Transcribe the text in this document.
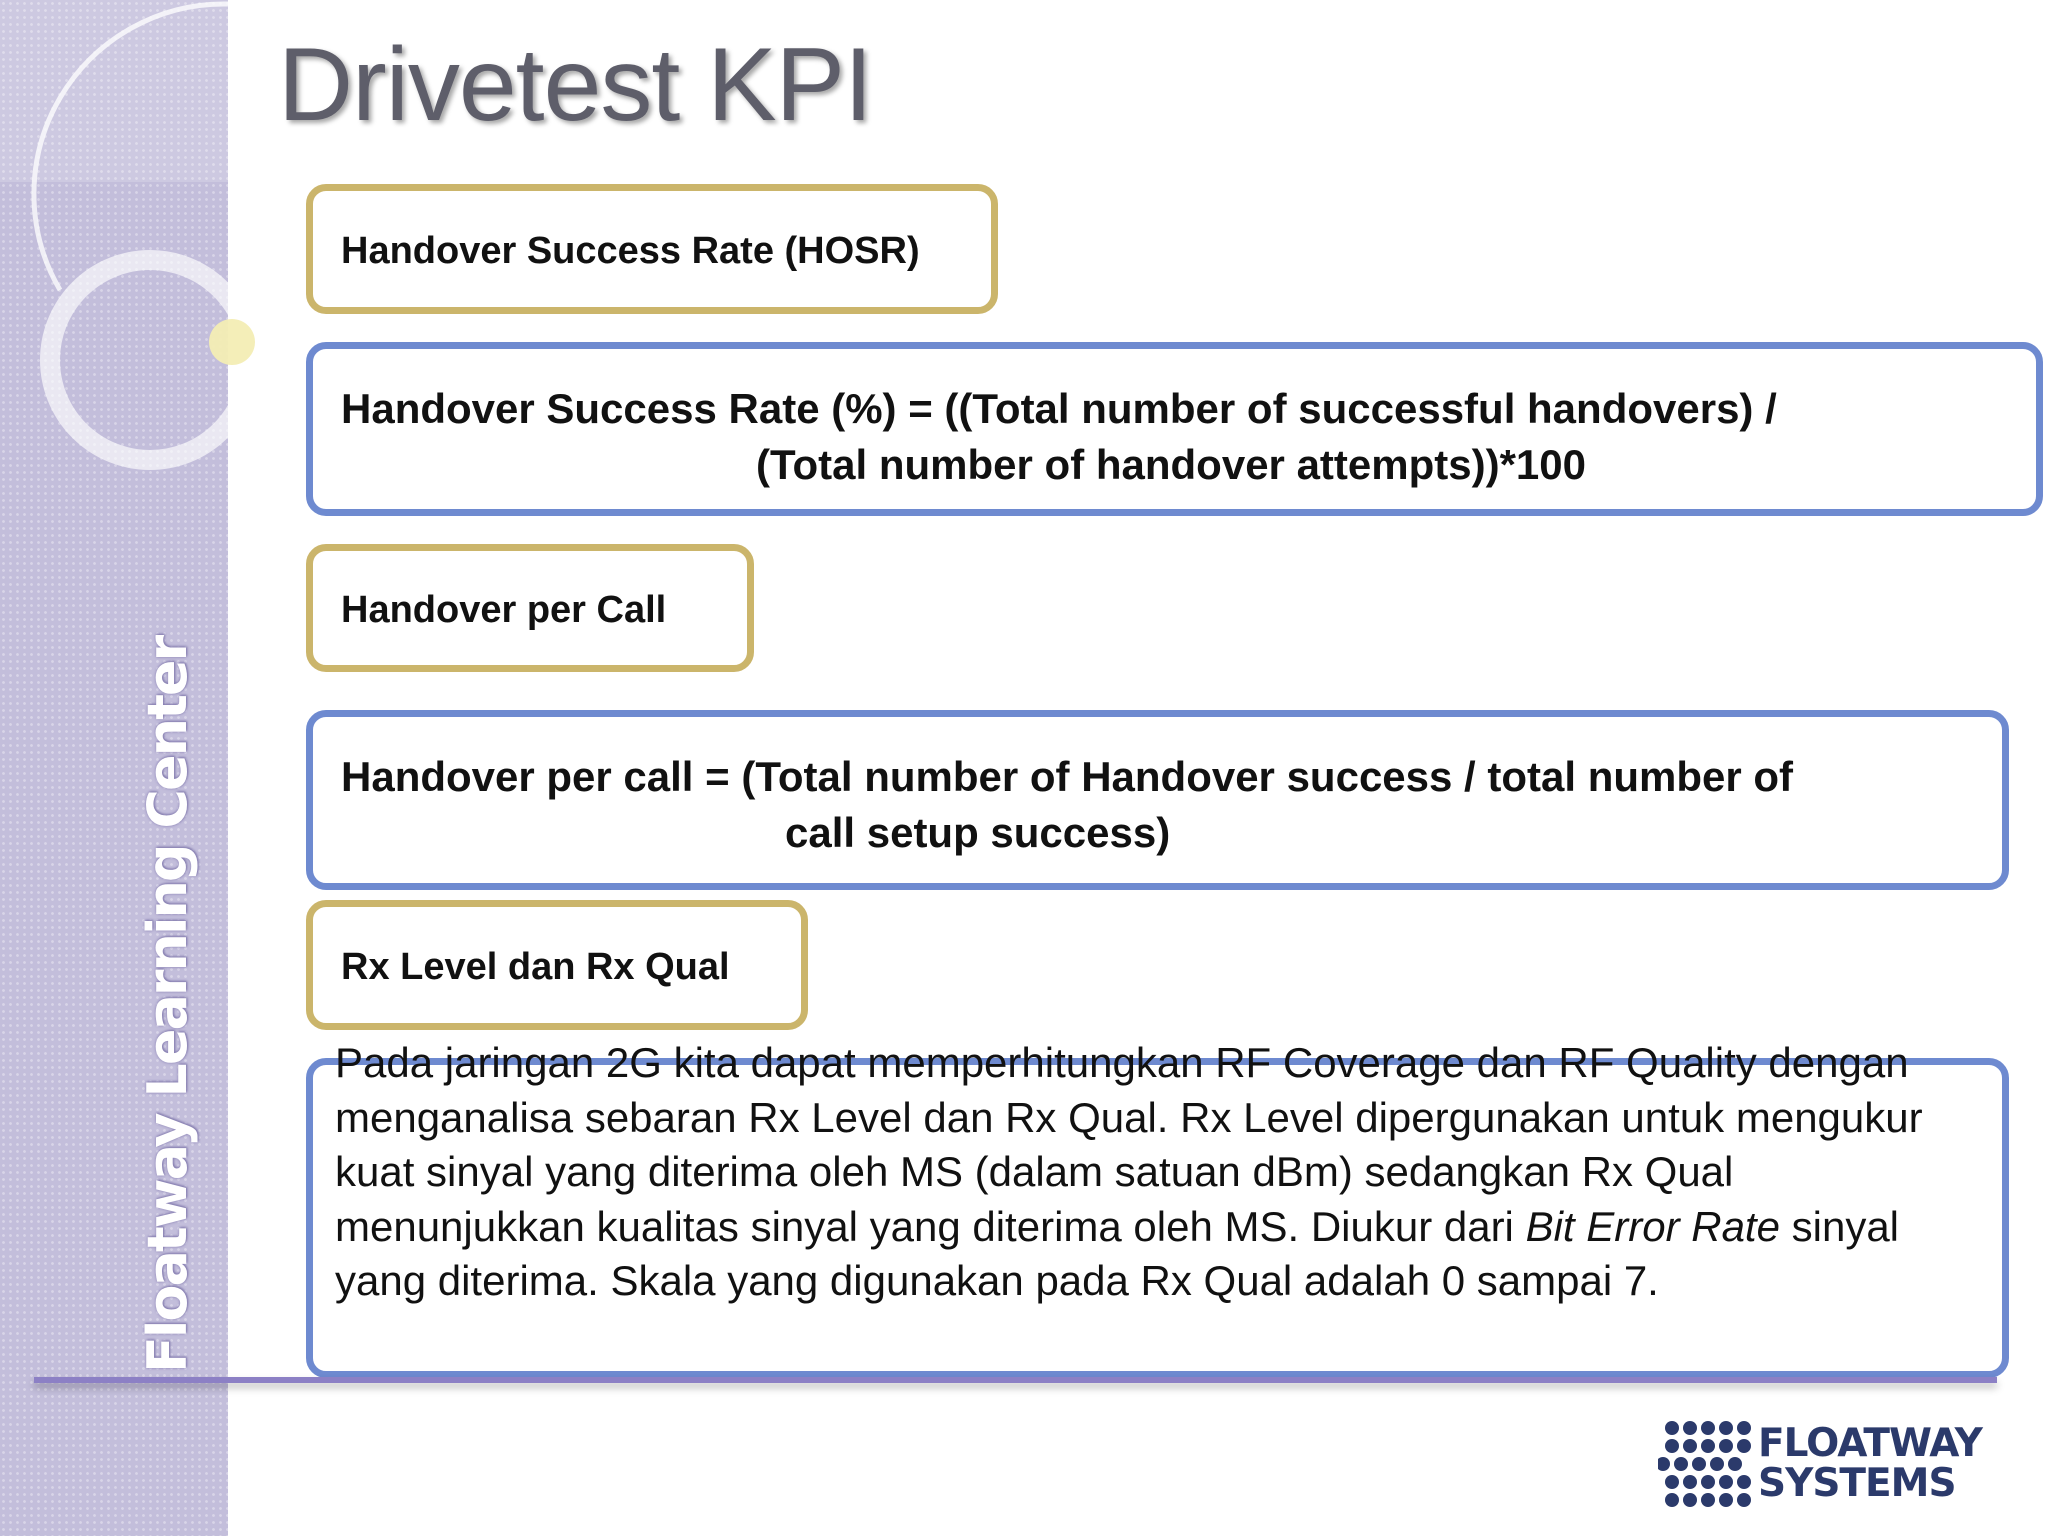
Floatway Learning Center
Drivetest KPI
Handover Success Rate (HOSR)
Handover Success Rate (%) = ((Total number of successful handovers) /
(Total number of handover attempts))*100
Handover per Call
Handover per call = (Total number of Handover success / total number of
call setup success)
Rx Level dan Rx Qual
Pada jaringan 2G kita dapat memperhitungkan RF Coverage dan RF Quality dengan menganalisa sebaran Rx Level dan Rx Qual. Rx Level dipergunakan untuk mengukur kuat sinyal yang diterima oleh MS (dalam satuan dBm) sedangkan Rx Qual menunjukkan kualitas sinyal yang diterima oleh MS. Diukur dari Bit Error Rate sinyal yang diterima. Skala yang digunakan pada Rx Qual adalah 0 sampai 7.
FLOATWAY
SYSTEMS
